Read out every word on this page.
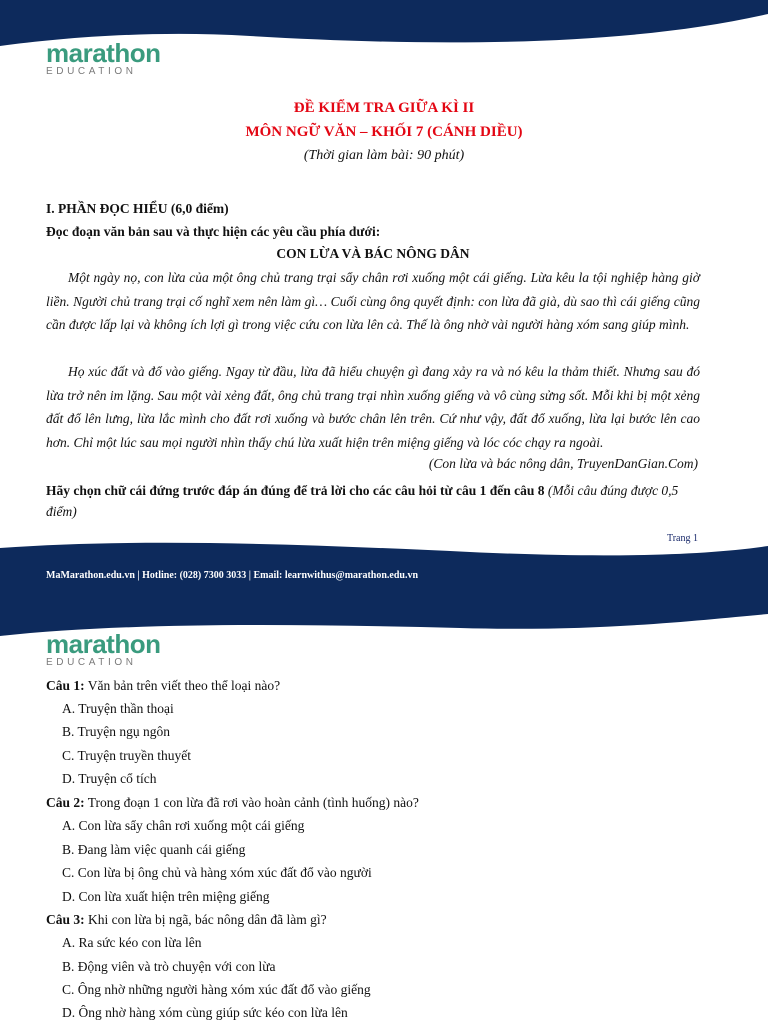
marathon
EDUCATION
ĐỀ KIỂM TRA GIỮA KÌ II
MÔN NGỮ VĂN – KHỐI 7 (CÁNH DIỀU)
(Thời gian làm bài: 90 phút)
I. PHẦN ĐỌC HIỂU (6,0 điểm)
Đọc đoạn văn bản sau và thực hiện các yêu cầu phía dưới:
CON LỪA VÀ BÁC NÔNG DÂN
Một ngày nọ, con lừa của một ông chủ trang trại sẩy chân rơi xuống một cái giếng. Lừa kêu la tội nghiệp hàng giờ liền. Người chủ trang trại cố nghĩ xem nên làm gì… Cuối cùng ông quyết định: con lừa đã già, dù sao thì cái giếng cũng cần được lấp lại và không ích lợi gì trong việc cứu con lừa lên cả. Thế là ông nhờ vài người hàng xóm sang giúp mình.
Họ xúc đất và đổ vào giếng. Ngay từ đầu, lừa đã hiểu chuyện gì đang xảy ra và nó kêu la thảm thiết. Nhưng sau đó lừa trở nên im lặng. Sau một vài xẻng đất, ông chủ trang trại nhìn xuống giếng và vô cùng sửng sốt. Mỗi khi bị một xẻng đất đổ lên lưng, lừa lắc mình cho đất rơi xuống và bước chân lên trên. Cứ như vậy, đất đổ xuống, lừa lại bước lên cao hơn. Chỉ một lúc sau mọi người nhìn thấy chú lừa xuất hiện trên miệng giếng và lóc cóc chạy ra ngoài.
(Con lừa và bác nông dân, TruyenDanGian.Com)
Hãy chọn chữ cái đứng trước đáp án đúng để trả lời cho các câu hỏi từ câu 1 đến câu 8 (Mỗi câu đúng được 0,5 điểm)
Trang 1
MaMarathon.edu.vn | Hotline: (028) 7300 3033 | Email: learnwithus@marathon.edu.vn
marathon
EDUCATION
Câu 1: Văn bản trên viết theo thể loại nào?
A. Truyện thần thoại
B. Truyện ngụ ngôn
C. Truyện truyền thuyết
D. Truyện cổ tích
Câu 2: Trong đoạn 1 con lừa đã rơi vào hoàn cảnh (tình huống) nào?
A. Con lừa sẩy chân rơi xuống một cái giếng
B. Đang làm việc quanh cái giếng
C. Con lừa bị ông chủ và hàng xóm xúc đất đổ vào người
D. Con lừa xuất hiện trên miệng giếng
Câu 3: Khi con lừa bị ngã, bác nông dân đã làm gì?
A. Ra sức kéo con lừa lên
B. Động viên và trò chuyện với con lừa
C. Ông nhờ những người hàng xóm xúc đất đổ vào giếng
D. Ông nhờ hàng xóm cùng giúp sức kéo con lừa lên
